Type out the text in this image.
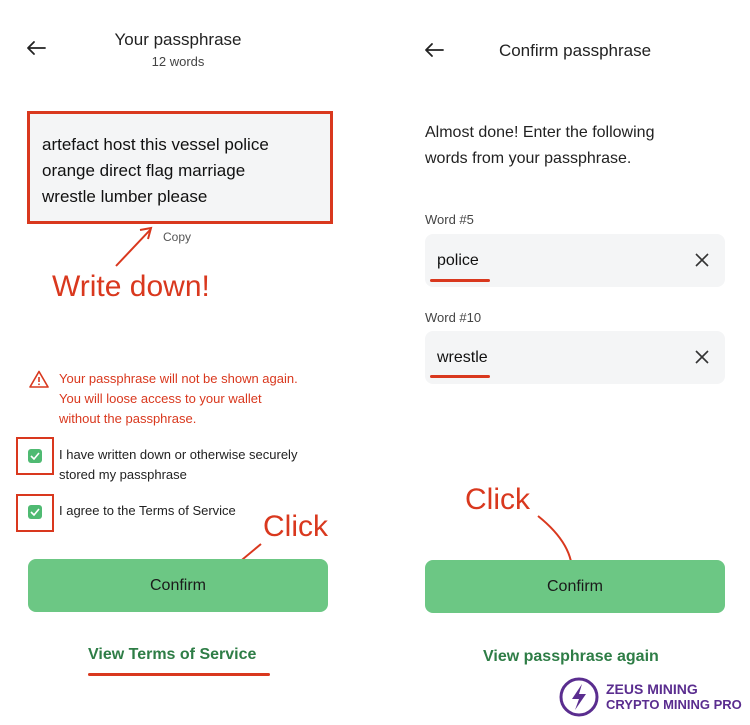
Your passphrase
12 words
artefact host this vessel police
orange direct flag marriage
wrestle lumber please
Copy
Write down!
Your passphrase will not be shown again.
You will loose access to your wallet
without the passphrase.
I have written down or otherwise securely
stored my passphrase
I agree to the Terms of Service Click
Confirm
View Terms of Service
Confirm passphrase
Almost done! Enter the following
words from your passphrase.
Word #5
police
Word #10
wrestle
Click
Confirm
View passphrase again
ZEUS MINING
CRYPTO MINING PRO
